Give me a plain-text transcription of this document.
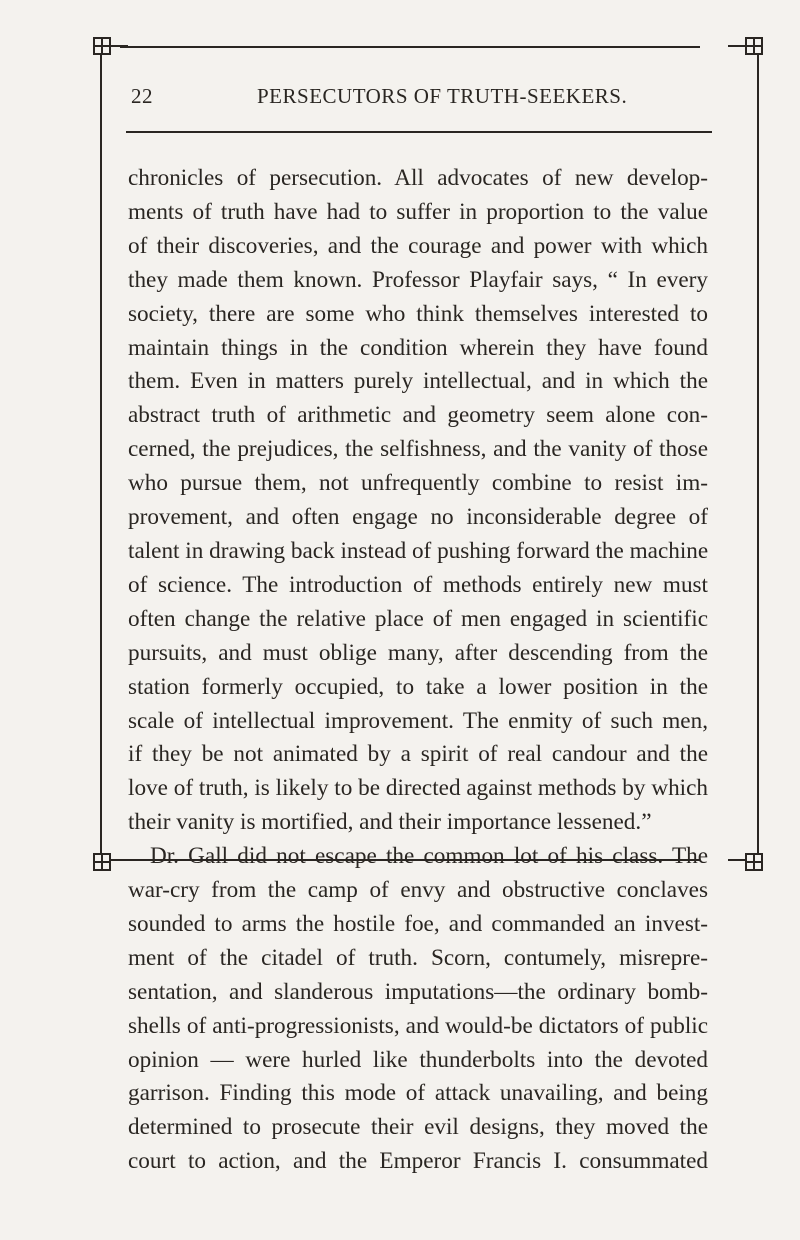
22	PERSECUTORS OF TRUTH-SEEKERS.
chronicles of persecution. All advocates of new develop-
ments of truth have had to suffer in proportion to the value
of their discoveries, and the courage and power with which
they made them known. Professor Playfair says, “ In every
society, there are some who think themselves interested to
maintain things in the condition wherein they have found
them. Even in matters purely intellectual, and in which the
abstract truth of arithmetic and geometry seem alone con-
cerned, the prejudices, the selfishness, and the vanity of those
who pursue them, not unfrequently combine to resist im-
provement, and often engage no inconsiderable degree of
talent in drawing back instead of pushing forward the machine
of science. The introduction of methods entirely new must
often change the relative place of men engaged in scientific
pursuits, and must oblige many, after descending from the
station formerly occupied, to take a lower position in the
scale of intellectual improvement. The enmity of such men,
if they be not animated by a spirit of real candour and the
love of truth, is likely to be directed against methods by which
their vanity is mortified, and their importance lessened.”
Dr. Gall did not escape the common lot of his class. The
war-cry from the camp of envy and obstructive conclaves
sounded to arms the hostile foe, and commanded an invest-
ment of the citadel of truth. Scorn, contumely, misrepre-
sentation, and slanderous imputations—the ordinary bomb-
shells of anti-progressionists, and would-be dictators of public
opinion — were hurled like thunderbolts into the devoted
garrison. Finding this mode of attack unavailing, and being
determined to prosecute their evil designs, they moved the
court to action, and the Emperor Francis I. consummated
